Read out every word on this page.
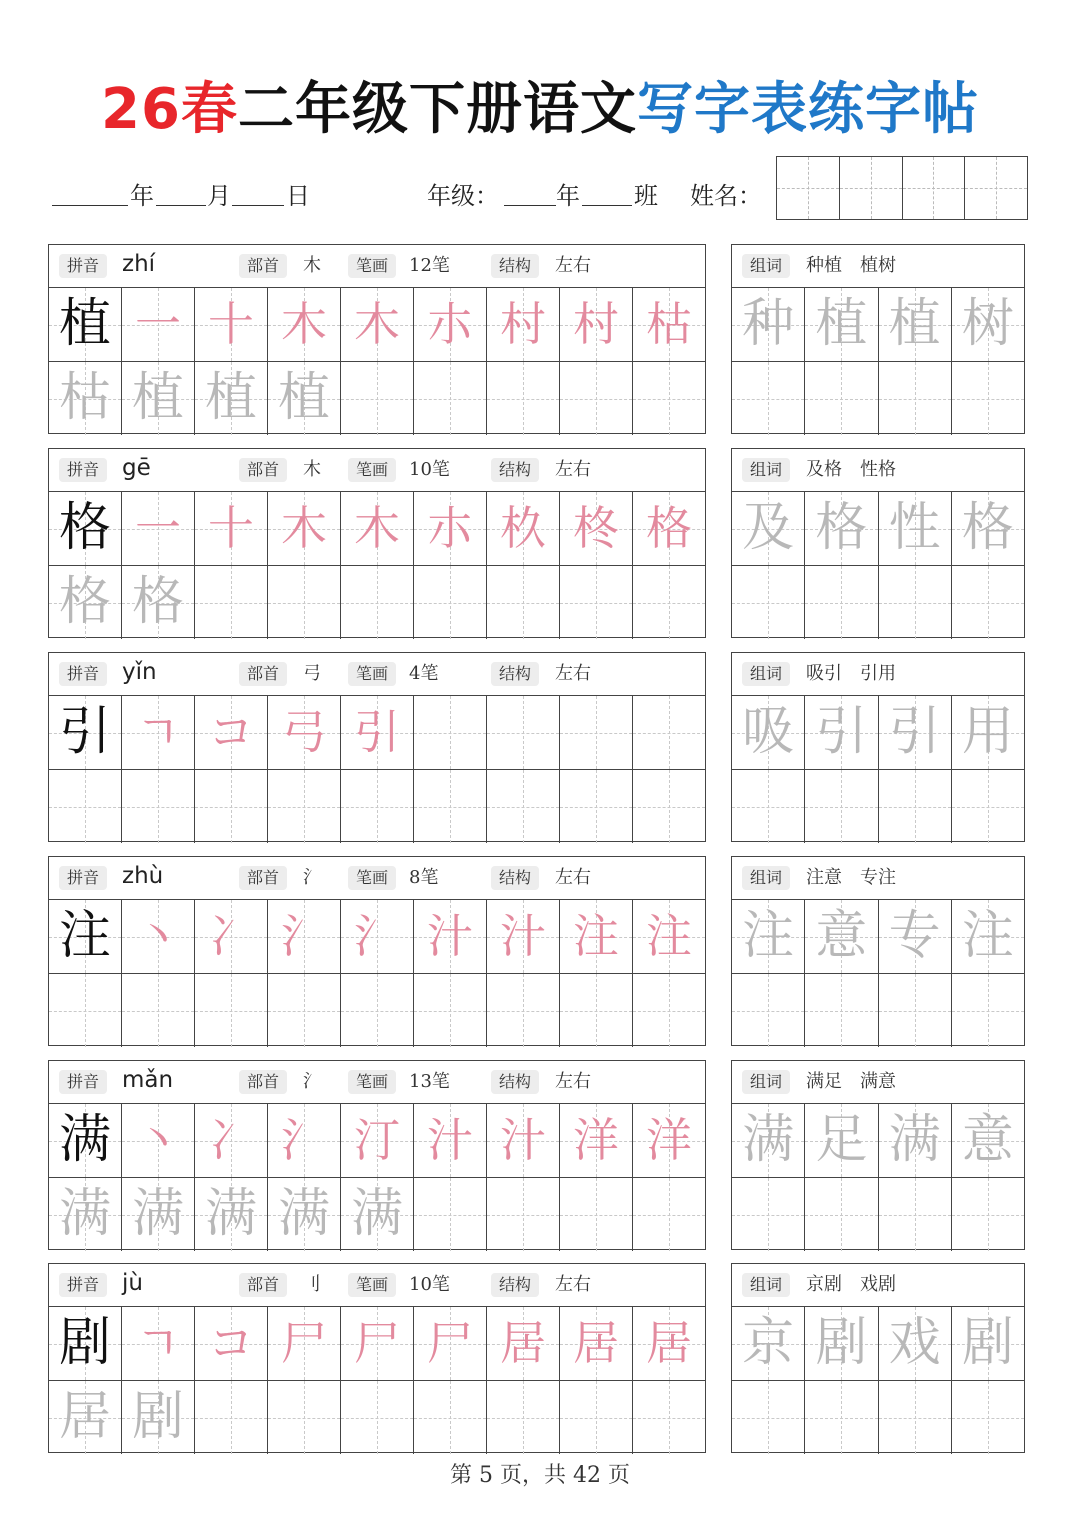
26春二年级下册语文写字表练字帖
年 月 日	年级： 年 班 姓名：
拼音 zhí	部首	木	笔画	12笔	结构	左右
植 一 十 木 木 朩 村 村 枯
枯 植 植 植
组词	种植　植树
种 植 植 树
拼音 gē	部首	木	笔画	10笔	结构	左右
格 一 十 木 木 朩 杦 柊 格
格 格
组词	及格　性格
及 格 性 格
拼音 yǐn	部首	弓	笔画	4笔	结构	左右
引 ㄱ コ 弓 引
组词	吸引　引用
吸 引 引 用
拼音 zhù	部首	氵	笔画	8笔	结构	左右
注 丶 冫 氵 氵 汁 汁 注 注
组词	注意　专注
注 意 专 注
拼音 mǎn	部首	氵	笔画	13笔	结构	左右
满 丶 冫 氵 汀 汁 汁 洋 洋
满 满 满 满 满
组词	满足　满意
满 足 满 意
拼音 jù	部首	刂	笔画	10笔	结构	左右
剧 ㄱ コ 尸 尸 尸 居 居 居
居 剧
组词	京剧　戏剧
京 剧 戏 剧
第 5 页，共 42 页
